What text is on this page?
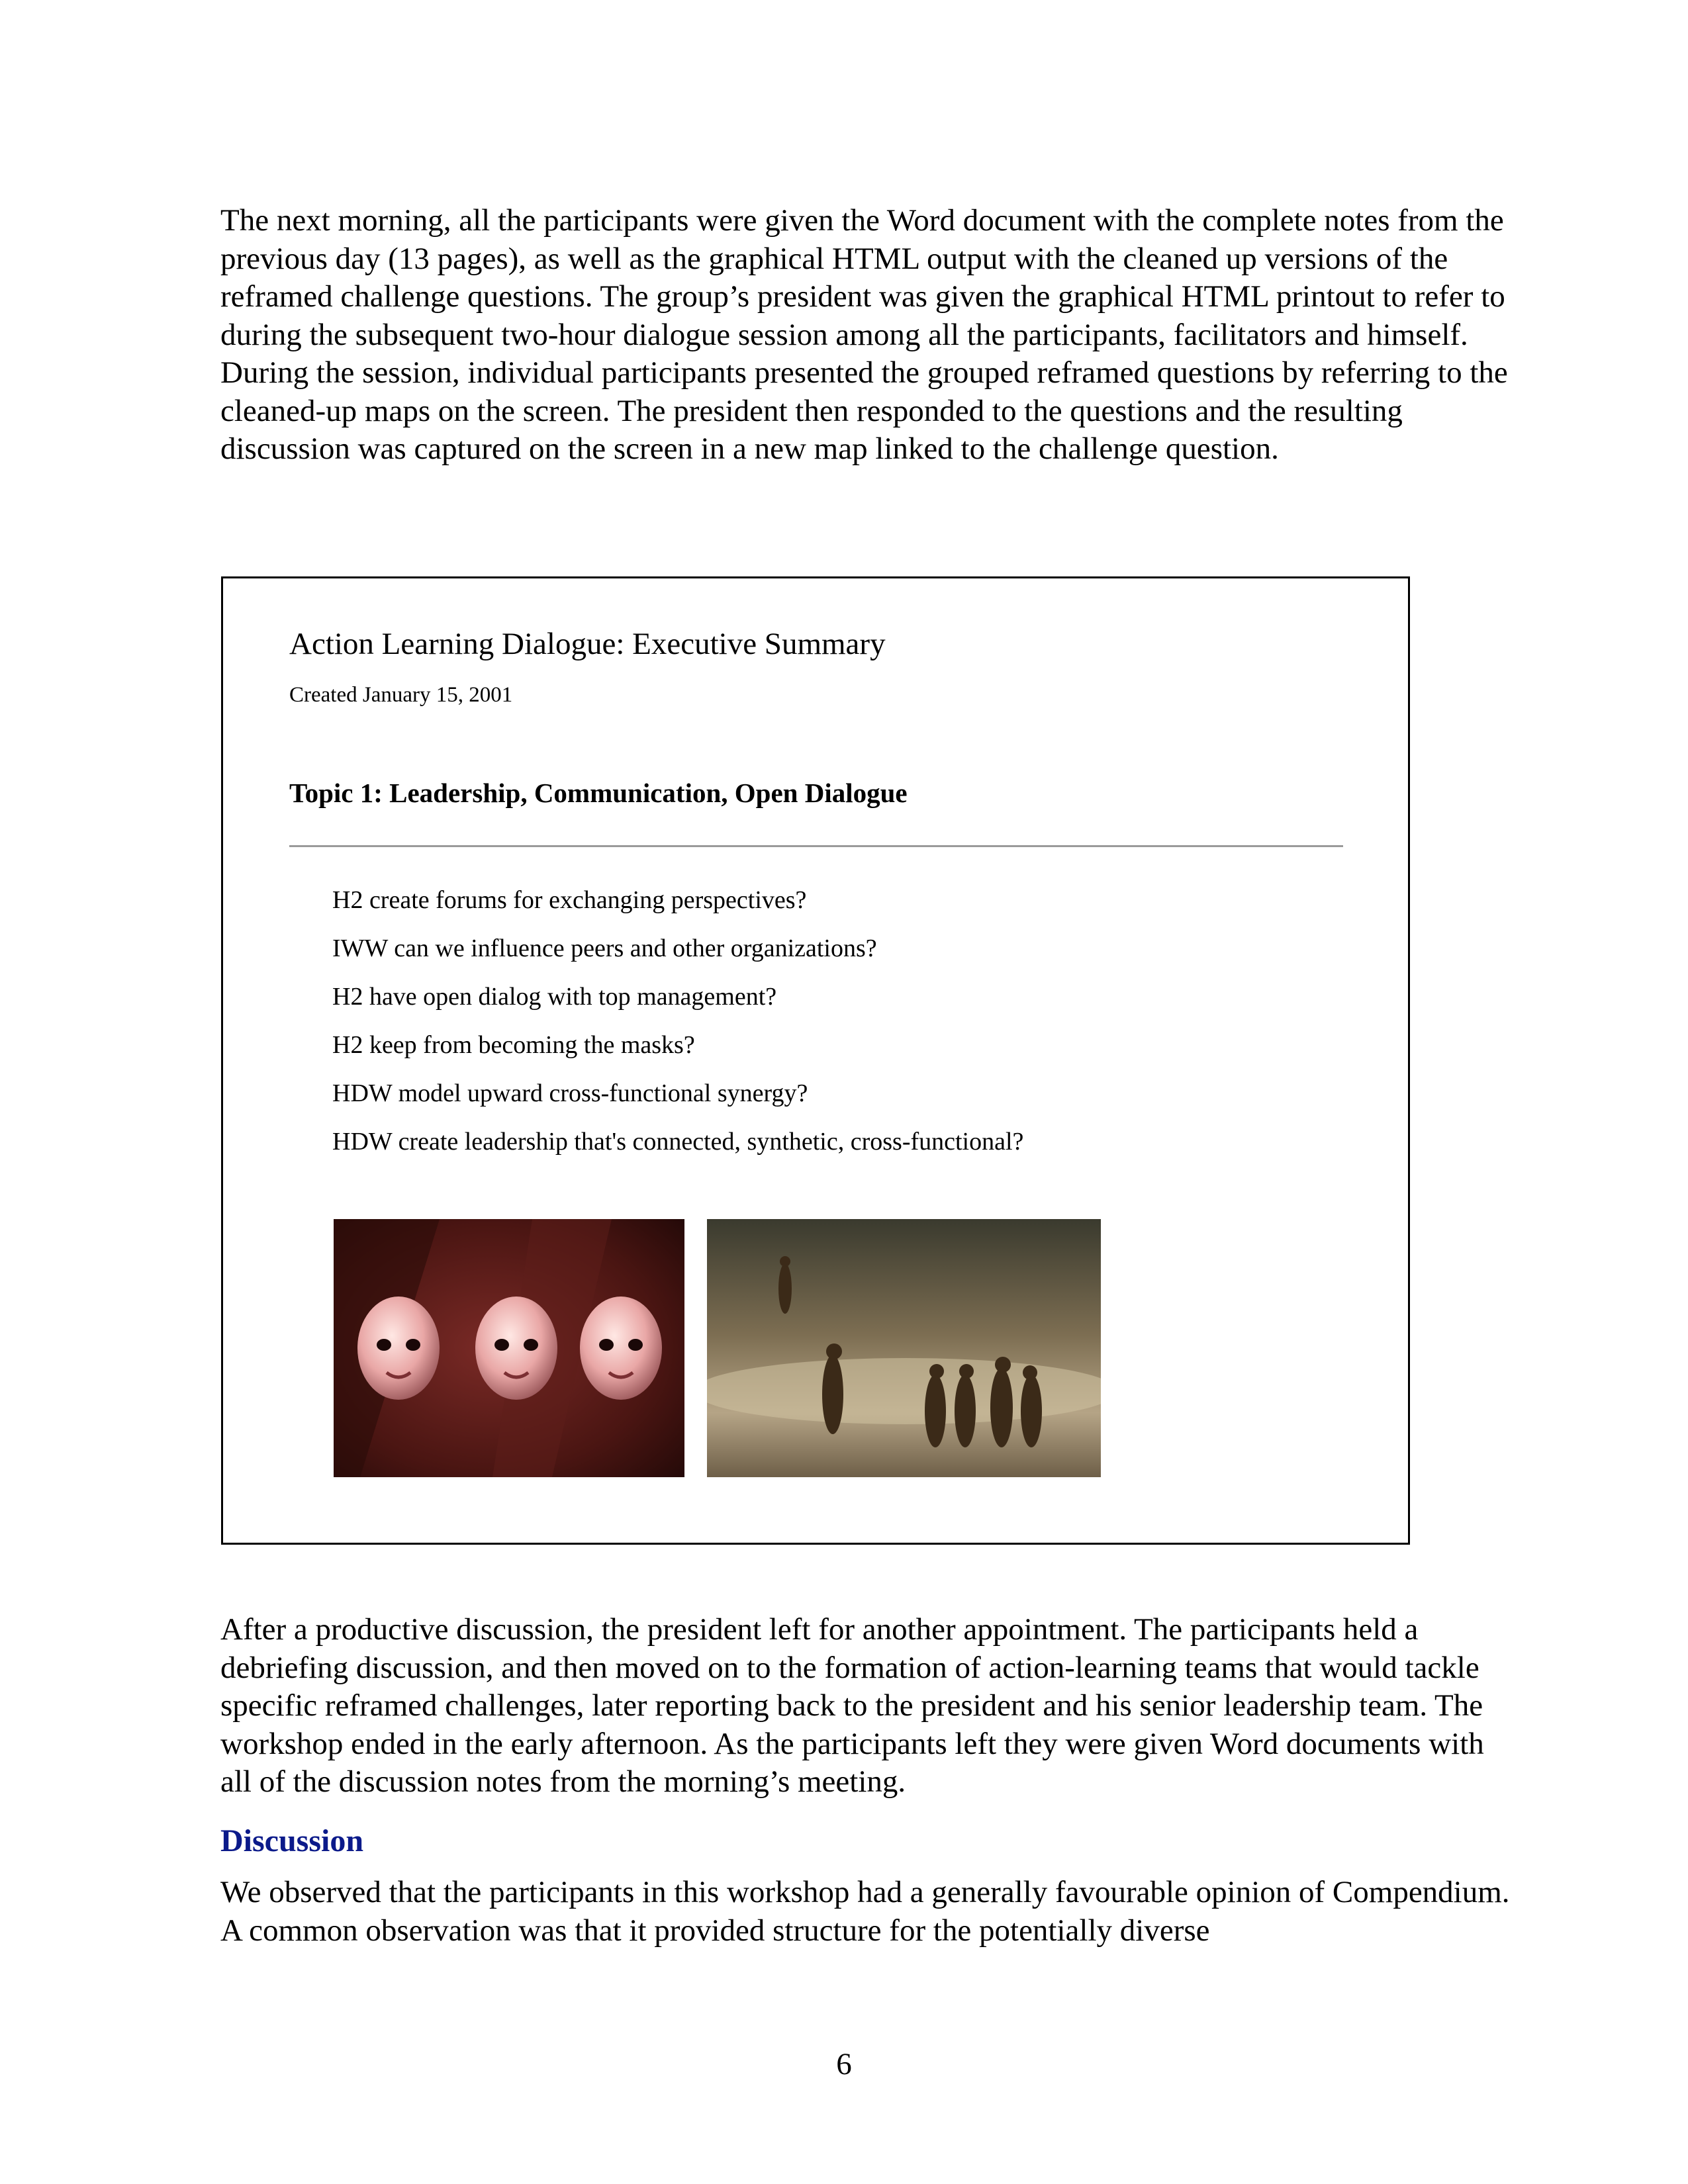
The next morning, all the participants were given the Word document with the complete notes from the previous day (13 pages), as well as the graphical HTML output with the cleaned up versions of the reframed challenge questions. The group’s president was given the graphical HTML printout to refer to during the subsequent two-hour dialogue session among all the participants, facilitators and himself. During the session, individual participants presented the grouped reframed questions by referring to the cleaned-up maps on the screen. The president then responded to the questions and the resulting discussion was captured on the screen in a new map linked to the challenge question.

Action Learning Dialogue: Executive Summary

Created January 15, 2001

Topic 1: Leadership, Communication, Open Dialogue

H2 create forums for exchanging perspectives?
IWW can we influence peers and other organizations?
H2 have open dialog with top management?
H2 keep from becoming the masks?
HDW model upward cross-functional synergy?
HDW create leadership that's connected, synthetic, cross-functional?

After a productive discussion, the president left for another appointment. The participants held a debriefing discussion, and then moved on to the formation of action-learning teams that would tackle specific reframed challenges, later reporting back to the president and his senior leadership team. The workshop ended in the early afternoon. As the participants left they were given Word documents with all of the discussion notes from the morning’s meeting.

Discussion

We observed that the participants in this workshop had a generally favourable opinion of Compendium. A common observation was that it provided structure for the potentially diverse

6
